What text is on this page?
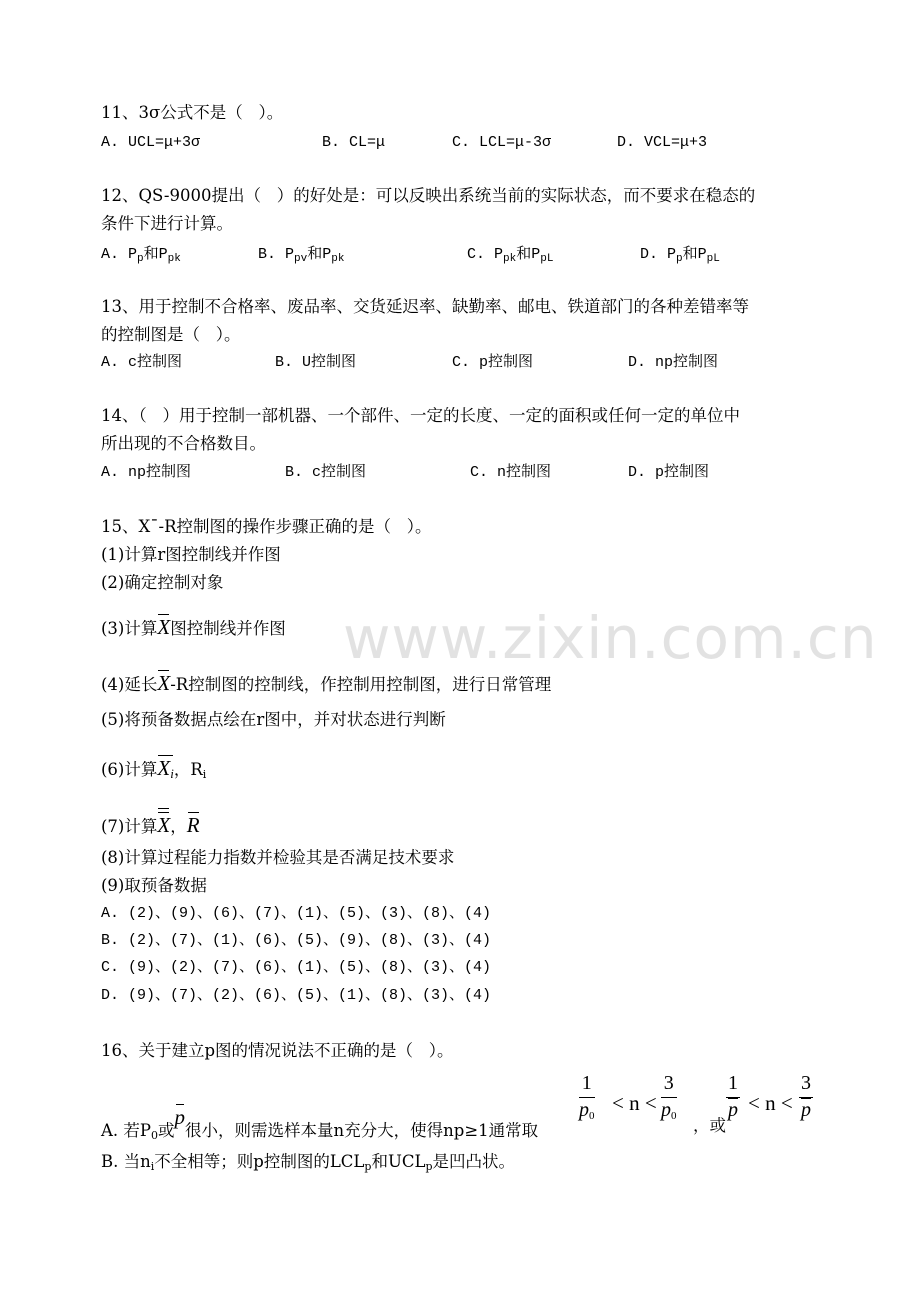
www.zixin.com.cn
11、3σ公式不是（   ）。
A. UCL=μ+3σ	B. CL=μ	C. LCL=μ-3σ	D. VCL=μ+3
12、QS-9000提出（   ）的好处是：可以反映出系统当前的实际状态，而不要求在稳态的
条件下进行计算。
A. $P_p$和$P_{pk}$	B. $P_{pv}$和$P_{pk}$	C. $P_{pk}$和$P_{pL}$	D. $P_p$和$P_{pL}$
13、用于控制不合格率、废品率、交货延迟率、缺勤率、邮电、铁道部门的各种差错率等
的控制图是（   ）。
A. c控制图	B. U控制图	C. p控制图	D. np控制图
14、（   ）用于控制一部机器、一个部件、一定的长度、一定的面积或任何一定的单位中
所出现的不合格数目。
A. np控制图	B. c控制图	C. n控制图	D. p控制图
15、X¯-R控制图的操作步骤正确的是（   ）。
(1)计算r图控制线并作图
(2)确定控制对象
(3)计算X图控制线并作图
(4)延长X-R控制图的控制线，作控制用控制图，进行日常管理
(5)将预备数据点绘在r图中，并对状态进行判断
(6)计算$X_i$，$R_i$
(7)计算X，R
(8)计算过程能力指数并检验其是否满足技术要求
(9)取预备数据
A. (2)、(9)、(6)、(7)、(1)、(5)、(3)、(8)、(4)
B. (2)、(7)、(1)、(6)、(5)、(9)、(8)、(3)、(4)
C. (9)、(2)、(7)、(6)、(1)、(5)、(8)、(3)、(4)
D. (9)、(7)、(2)、(6)、(5)、(1)、(8)、(3)、(4)
16、关于建立p图的情况说法不正确的是（   ）。
A. 若$P_0$或p很小，则需选样本量n充分大，使得np≥1通常取
$\frac{1}{p_0} < n < \frac{3}{p_0}$
，或
$\frac{1}{p} < n < \frac{3}{p}$
B. 当$n_i$不全相等；则p控制图的$LCL_p$和$UCL_p$是凹凸状。
